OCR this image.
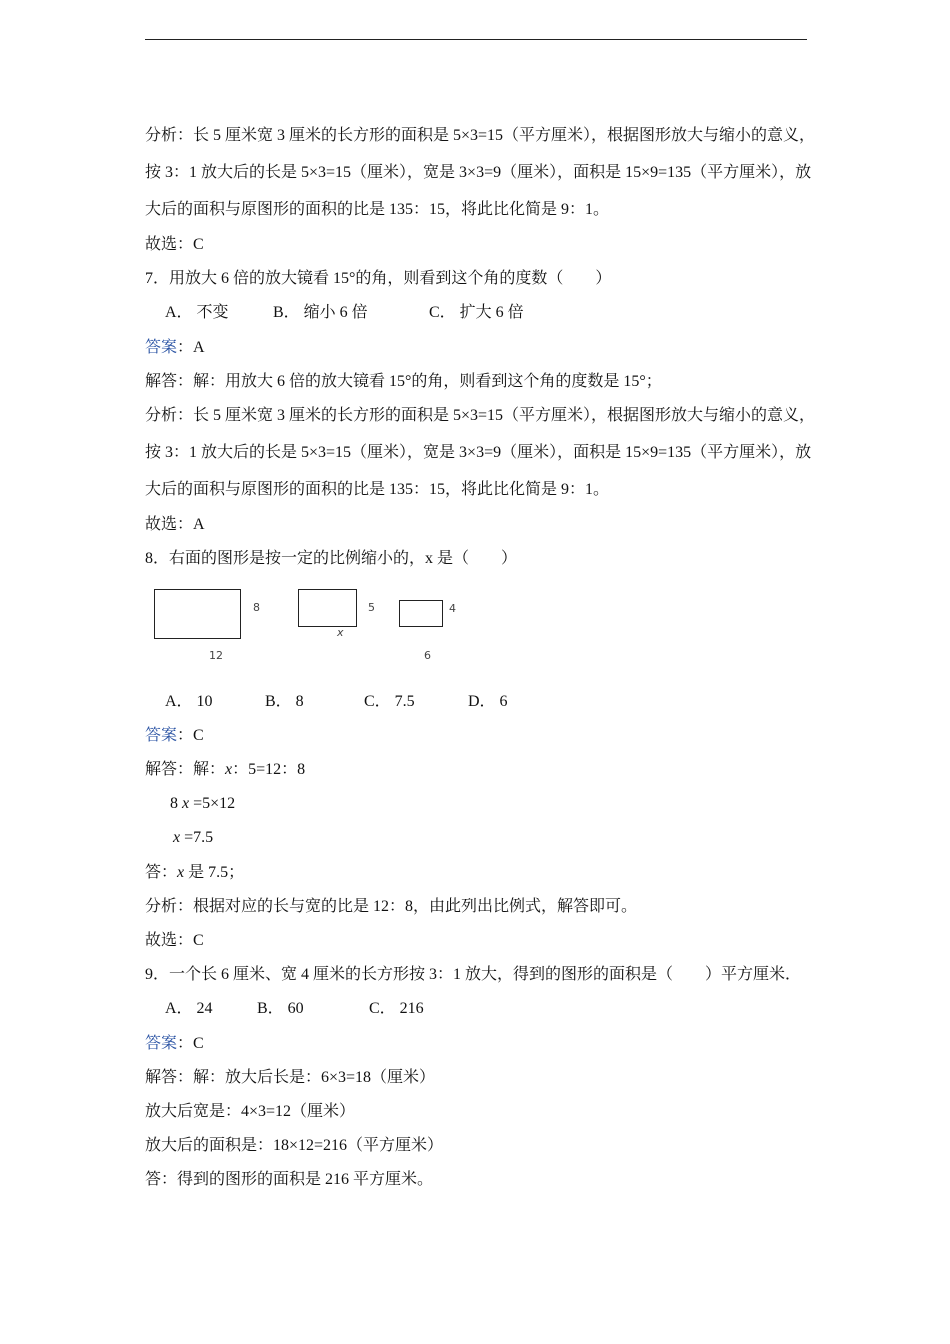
分析：长 5 厘米宽 3 厘米的长方形的面积是 5×3=15（平方厘米），根据图形放大与缩小的意义，
按 3：1 放大后的长是 5×3=15（厘米），宽是 3×3=9（厘米），面积是 15×9=135（平方厘米），放
大后的面积与原图形的面积的比是 135：15，将此比化简是 9：1。
故选：C
7．用放大 6 倍的放大镜看 15°的角，则看到这个角的度数（　　）
A． 不变	B． 缩小 6 倍	C． 扩大 6 倍
答案：A
解答：解：用放大 6 倍的放大镜看 15°的角，则看到这个角的度数是 15°；
分析：长 5 厘米宽 3 厘米的长方形的面积是 5×3=15（平方厘米），根据图形放大与缩小的意义，
按 3：1 放大后的长是 5×3=15（厘米），宽是 3×3=9（厘米），面积是 15×9=135（平方厘米），放
大后的面积与原图形的面积的比是 135：15，将此比化简是 9：1。
故选：A
8．右面的图形是按一定的比例缩小的，x 是（　　）
8
12
5
x
4
6
A． 10	B． 8	C． 7.5	D． 6
答案：C
解答：解：x：5=12：8
8 x =5×12
x =7.5
答：x 是 7.5；
分析：根据对应的长与宽的比是 12：8，由此列出比例式，解答即可。
故选：C
9．一个长 6 厘米、宽 4 厘米的长方形按 3：1 放大，得到的图形的面积是（　　）平方厘米．
A． 24	B． 60	C． 216
答案：C
解答：解：放大后长是：6×3=18（厘米）
放大后宽是：4×3=12（厘米）
放大后的面积是：18×12=216（平方厘米）
答：得到的图形的面积是 216 平方厘米。
